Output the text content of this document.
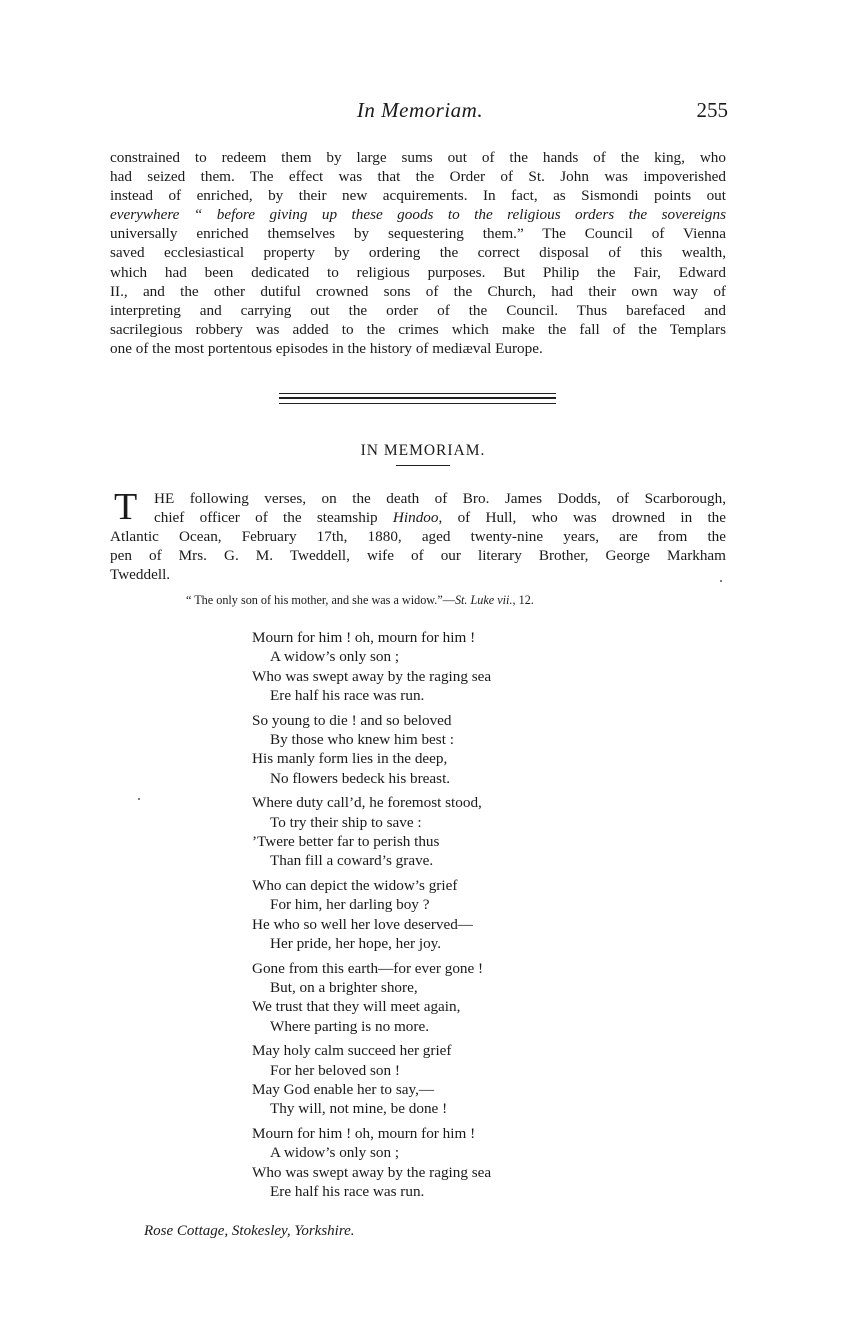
In Memoriam.	255
constrained to redeem them by large sums out of the hands of the king, who
had seized them. The effect was that the Order of St. John was impoverished
instead of enriched, by their new acquirements. In fact, as Sismondi points out
everywhere “ before giving up these goods to the religious orders the sovereigns
universally enriched themselves by sequestering them.” The Council of Vienna
saved ecclesiastical property by ordering the correct disposal of this wealth,
which had been dedicated to religious purposes. But Philip the Fair, Edward
II., and the other dutiful crowned sons of the Church, had their own way of
interpreting and carrying out the order of the Council. Thus barefaced and
sacrilegious robbery was added to the crimes which make the fall of the Templars
one of the most portentous episodes in the history of mediæval Europe.
IN MEMORIAM.
T	HE following verses, on the death of Bro. James Dodds, of Scarborough,
chief officer of the steamship Hindoo, of Hull, who was drowned in the
Atlantic Ocean, February 17th, 1880, aged twenty-nine years, are from the
pen of Mrs. G. M. Tweddell, wife of our literary Brother, George Markham
Tweddell.
“ The only son of his mother, and she was a widow.”—St. Luke vii., 12.
Mourn for him ! oh, mourn for him !
A widow’s only son ;
Who was swept away by the raging sea
Ere half his race was run.
So young to die ! and so beloved
By those who knew him best :
His manly form lies in the deep,
No flowers bedeck his breast.
Where duty call’d, he foremost stood,
To try their ship to save :
’Twere better far to perish thus
Than fill a coward’s grave.
Who can depict the widow’s grief
For him, her darling boy ?
He who so well her love deserved—
Her pride, her hope, her joy.
Gone from this earth—for ever gone !
But, on a brighter shore,
We trust that they will meet again,
Where parting is no more.
May holy calm succeed her grief
For her beloved son !
May God enable her to say,—
Thy will, not mine, be done !
Mourn for him ! oh, mourn for him !
A widow’s only son ;
Who was swept away by the raging sea
Ere half his race was run.
Rose Cottage, Stokesley, Yorkshire.
